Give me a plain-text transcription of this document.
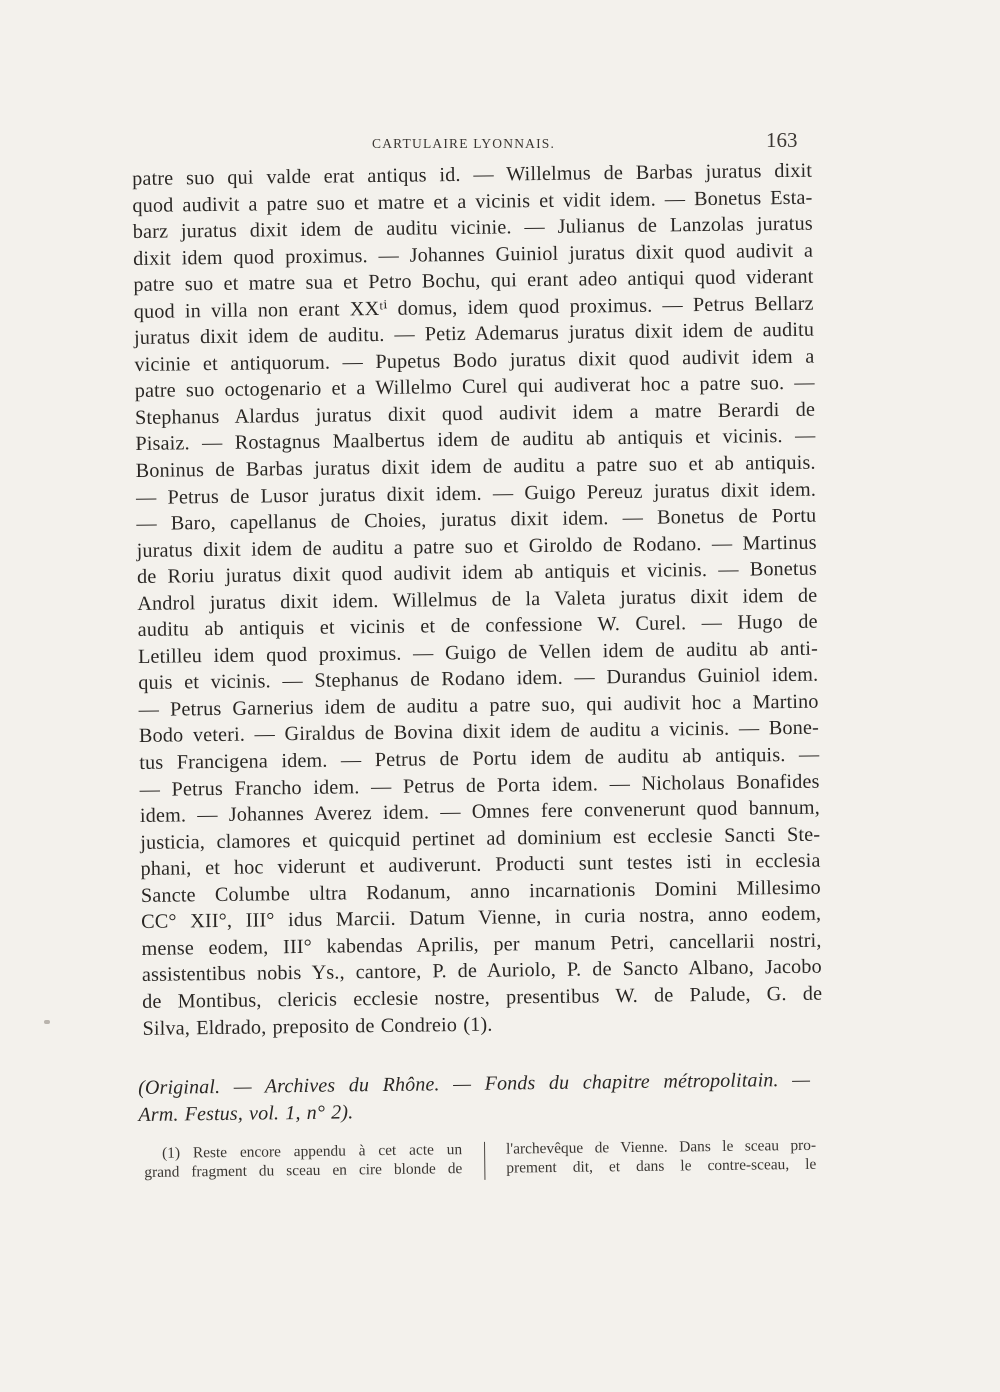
CARTULAIRE LYONNAIS.	163
patre suo qui valde erat antiqus id. — Willelmus de Barbas juratus dixit
quod audivit a patre suo et matre et a vicinis et vidit idem. — Bonetus Esta-
barz juratus dixit idem de auditu vicinie. — Julianus de Lanzolas juratus
dixit idem quod proximus. — Johannes Guiniol juratus dixit quod audivit a
patre suo et matre sua et Petro Bochu, qui erant adeo antiqui quod viderant
quod in villa non erant XXᵗⁱ domus, idem quod proximus. — Petrus Bellarz
juratus dixit idem de auditu. — Petiz Ademarus juratus dixit idem de auditu
vicinie et antiquorum. — Pupetus Bodo juratus dixit quod audivit idem a
patre suo octogenario et a Willelmo Curel qui audiverat hoc a patre suo. —
Stephanus Alardus juratus dixit quod audivit idem a matre Berardi de
Pisaiz. — Rostagnus Maalbertus idem de auditu ab antiquis et vicinis. —
Boninus de Barbas juratus dixit idem de auditu a patre suo et ab antiquis.
— Petrus de Lusor juratus dixit idem. — Guigo Pereuz juratus dixit idem.
— Baro, capellanus de Choies, juratus dixit idem. — Bonetus de Portu
juratus dixit idem de auditu a patre suo et Giroldo de Rodano. — Martinus
de Roriu juratus dixit quod audivit idem ab antiquis et vicinis. — Bonetus
Androl juratus dixit idem. Willelmus de la Valeta juratus dixit idem de
auditu ab antiquis et vicinis et de confessione W. Curel. — Hugo de
Letilleu idem quod proximus. — Guigo de Vellen idem de auditu ab anti-
quis et vicinis. — Stephanus de Rodano idem. — Durandus Guiniol idem.
— Petrus Garnerius idem de auditu a patre suo, qui audivit hoc a Martino
Bodo veteri. — Giraldus de Bovina dixit idem de auditu a vicinis. — Bone-
tus Francigena idem. — Petrus de Portu idem de auditu ab antiquis. —
— Petrus Francho idem. — Petrus de Porta idem. — Nicholaus Bonafides
idem. — Johannes Averez idem. — Omnes fere convenerunt quod bannum,
justicia, clamores et quicquid pertinet ad dominium est ecclesie Sancti Ste-
phani, et hoc viderunt et audiverunt. Producti sunt testes isti in ecclesia
Sancte Columbe ultra Rodanum, anno incarnationis Domini Millesimo
CC° XII°, III° idus Marcii. Datum Vienne, in curia nostra, anno eodem,
mense eodem, III° kabendas Aprilis, per manum Petri, cancellarii nostri,
assistentibus nobis Ys., cantore, P. de Auriolo, P. de Sancto Albano, Jacobo
de Montibus, clericis ecclesie nostre, presentibus W. de Palude, G. de
Silva, Eldrado, preposito de Condreio (1).
(Original. — Archives du Rhône. — Fonds du chapitre métropolitain. —
Arm. Festus, vol. 1, n° 2).
(1) Reste encore appendu à cet acte un
grand fragment du sceau en cire blonde de
l'archevêque de Vienne. Dans le sceau pro-
prement dit, et dans le contre-sceau, le
